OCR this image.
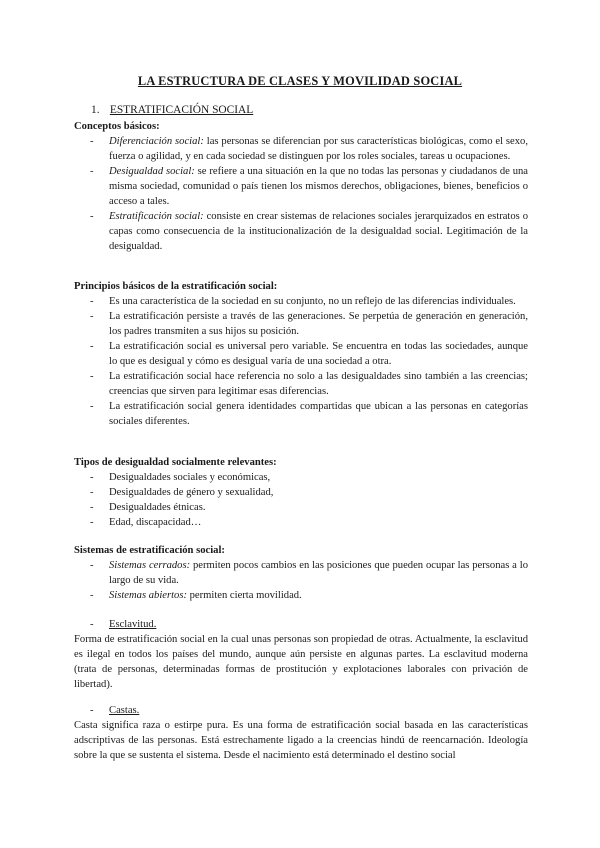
LA ESTRUCTURA DE CLASES Y MOVILIDAD SOCIAL
1. ESTRATIFICACIÓN SOCIAL
Conceptos básicos:
- Diferenciación social: las personas se diferencian por sus características biológicas, como el sexo, fuerza o agilidad, y en cada sociedad se distinguen por los roles sociales, tareas u ocupaciones.
- Desigualdad social: se refiere a una situación en la que no todas las personas y ciudadanos de una misma sociedad, comunidad o país tienen los mismos derechos, obligaciones, bienes, beneficios o acceso a tales.
- Estratificación social: consiste en crear sistemas de relaciones sociales jerarquizados en estratos o capas como consecuencia de la institucionalización de la desigualdad social. Legitimación de la desigualdad.
Principios básicos de la estratificación social:
- Es una característica de la sociedad en su conjunto, no un reflejo de las diferencias individuales.
- La estratificación persiste a través de las generaciones. Se perpetúa de generación en generación, los padres transmiten a sus hijos su posición.
- La estratificación social es universal pero variable. Se encuentra en todas las sociedades, aunque lo que es desigual y cómo es desigual varía de una sociedad a otra.
- La estratificación social hace referencia no solo a las desigualdades sino también a las creencias; creencias que sirven para legitimar esas diferencias.
- La estratificación social genera identidades compartidas que ubican a las personas en categorías sociales diferentes.
Tipos de desigualdad socialmente relevantes:
- Desigualdades sociales y económicas,
- Desigualdades de género y sexualidad,
- Desigualdades étnicas.
- Edad, discapacidad…
Sistemas de estratificación social:
- Sistemas cerrados: permiten pocos cambios en las posiciones que pueden ocupar las personas a lo largo de su vida.
- Sistemas abiertos: permiten cierta movilidad.
- Esclavitud.
Forma de estratificación social en la cual unas personas son propiedad de otras. Actualmente, la esclavitud es ilegal en todos los países del mundo, aunque aún persiste en algunas partes. La esclavitud moderna (trata de personas, determinadas formas de prostitución y explotaciones laborales con privación de libertad).
- Castas.
Casta significa raza o estirpe pura. Es una forma de estratificación social basada en las características adscriptivas de las personas. Está estrechamente ligado a la creencias hindú de reencarnación. Ideología sobre la que se sustenta el sistema. Desde el nacimiento está determinado el destino social
